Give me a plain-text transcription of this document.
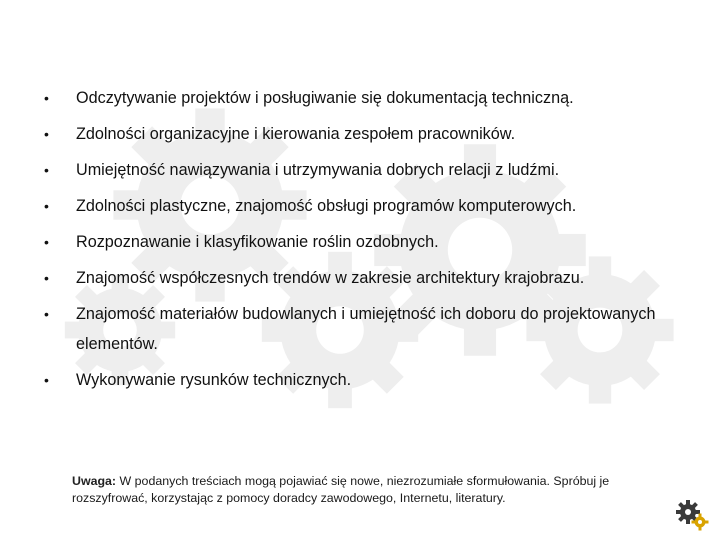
•	Odczytywanie projektów i posługiwanie się dokumentacją techniczną.
•	Zdolności organizacyjne i kierowania zespołem pracowników.
•	Umiejętność nawiązywania i utrzymywania dobrych relacji z ludźmi.
•	Zdolności plastyczne, znajomość obsługi programów komputerowych.
•	Rozpoznawanie i klasyfikowanie roślin ozdobnych.
•	Znajomość współczesnych trendów w zakresie architektury krajobrazu.
•	Znajomość materiałów budowlanych i umiejętność ich doboru do projektowanych elementów.
•	Wykonywanie rysunków technicznych.
Uwaga: W podanych treściach mogą pojawiać się nowe, niezrozumiałe sformułowania. Spróbuj je rozszyfrować, korzystając z pomocy doradcy zawodowego, Internetu, literatury.
